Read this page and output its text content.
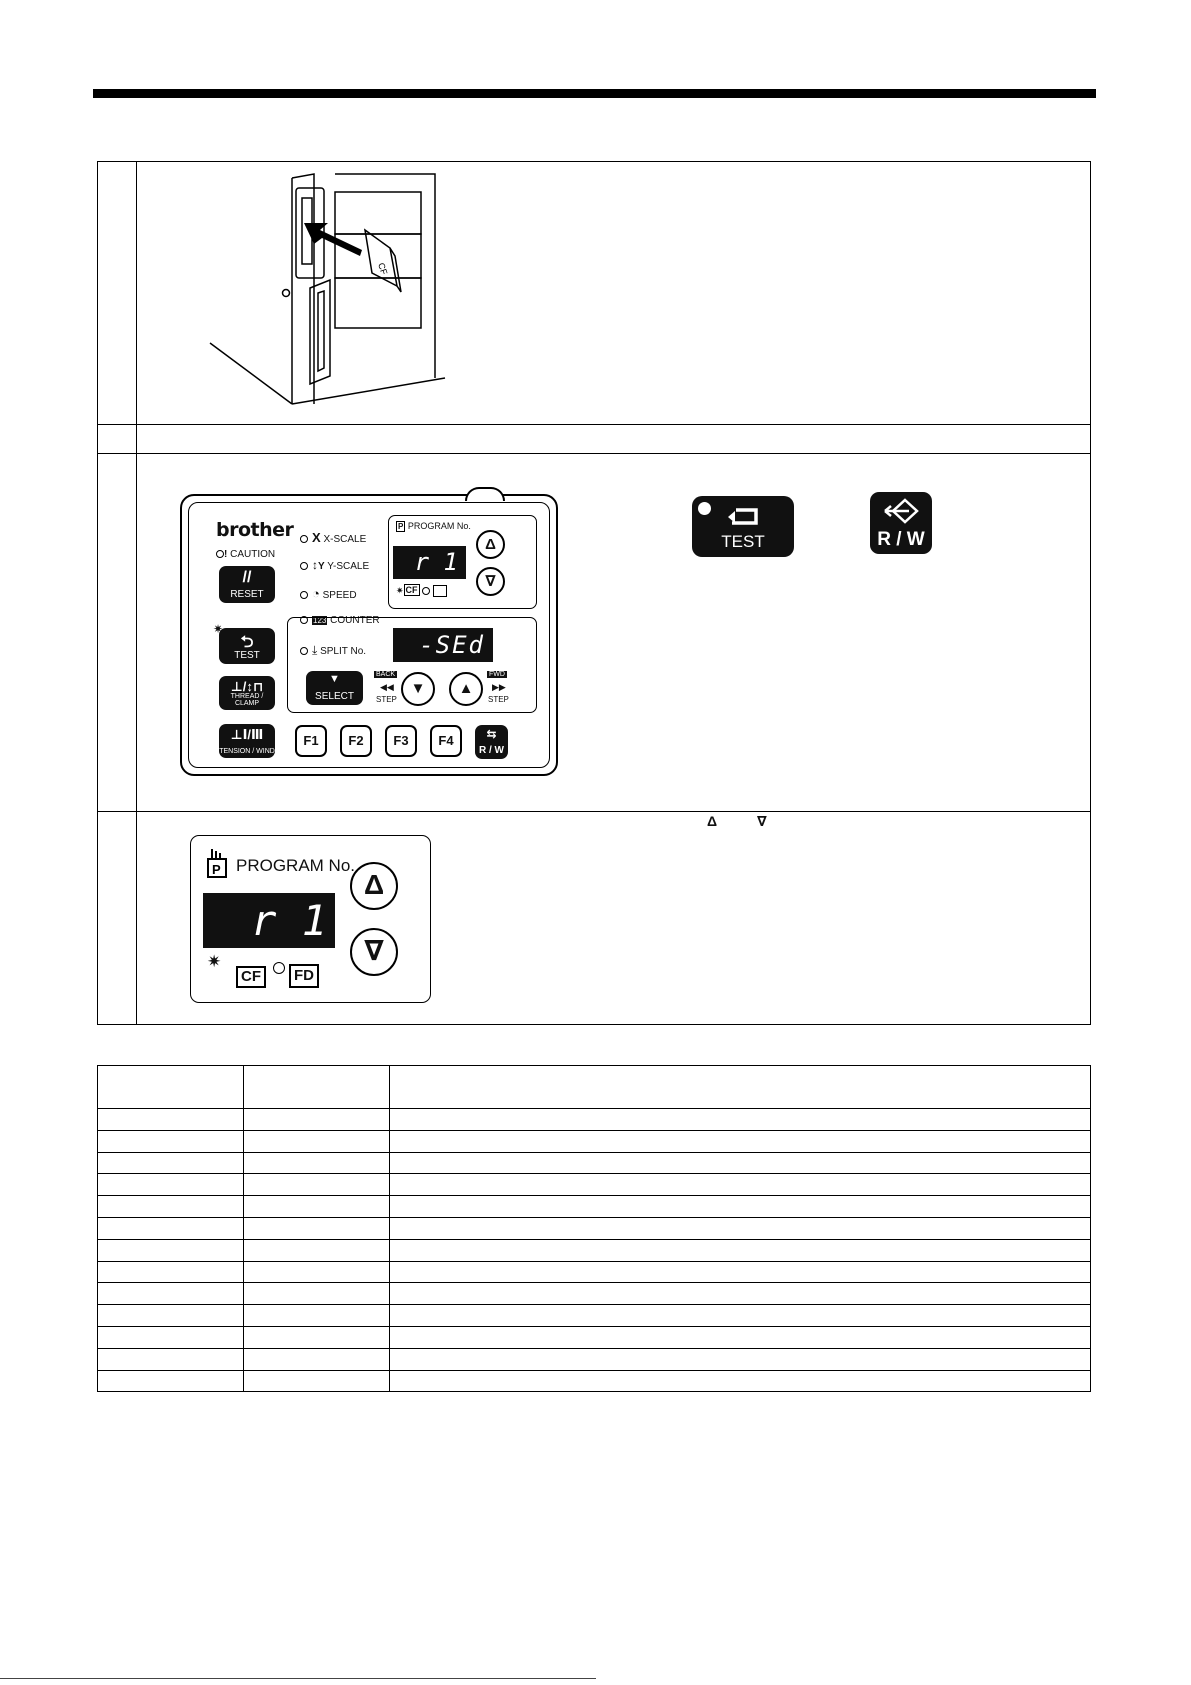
CF
brother
! CAUTION
//
RESET
⮌
TEST
✷
⊥/↕⊓
THREAD / CLAMP
⊥Ⅰ/Ⅲ
TENSION / WIND
X X-SCALE
↕Y Y-SCALE
◔ SPEED
123 COUNTER
⤓ SPLIT No.
P PROGRAM No.
r 1
✷ CF
Δ
∇
-SEd
▼
SELECT
BACK
◀◀
STEP
▼	▲
FWD
▶▶
STEP
F1	F2	F3	F4	⇆
R / W
TEST	R / W
Δ	∇
P PROGRAM No.
r 1
Δ
∇
✷
CF	FD
